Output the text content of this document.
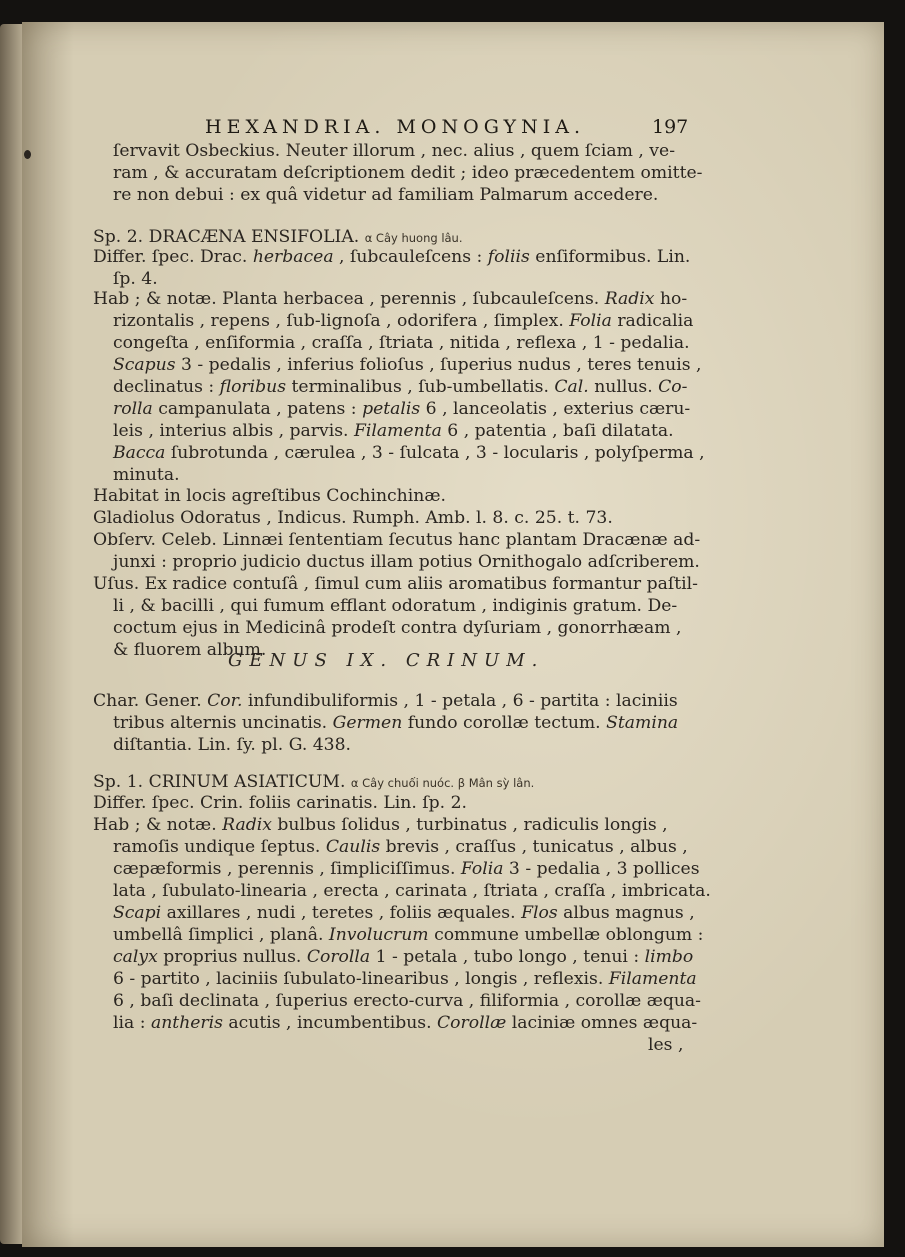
HEXANDRIA. MONOGYNIA.	197
ſervavit Osbeckius. Neuter illorum , nec. alius , quem ſciam , ve-
ram , & accuratam deſcriptionem dedit ; ideo præcedentem omitte-
re non debui : ex quâ videtur ad familiam Palmarum accedere.
Sp. 2. DRACÆNA ENSIFOLIA. α Cây huong lâu.
Differ. ſpec. Drac. herbacea , ſubcauleſcens : foliis enſiformibus. Lin.
ſp. 4.
Hab ; & notæ. Planta herbacea , perennis , ſubcauleſcens. Radix ho-
rizontalis , repens , ſub-lignoſa , odorifera , ſimplex. Folia radicalia
congeſta , enſiformia , craſſa , ſtriata , nitida , reflexa , 1 - pedalia.
Scapus 3 - pedalis , inferius folioſus , ſuperius nudus , teres tenuis ,
declinatus : floribus terminalibus , ſub-umbellatis. Cal. nullus. Co-
rolla campanulata , patens : petalis 6 , lanceolatis , exterius cæru-
leis , interius albis , parvis. Filamenta 6 , patentia , baſi dilatata.
Bacca ſubrotunda , cærulea , 3 - ſulcata , 3 - locularis , polyſperma ,
minuta.
Habitat in locis agreſtibus Cochinchinæ.
Gladiolus Odoratus , Indicus. Rumph. Amb. l. 8. c. 25. t. 73.
Obſerv. Celeb. Linnæi ſententiam ſecutus hanc plantam Dracænæ ad-
junxi : proprio judicio ductus illam potius Ornithogalo adſcriberem.
Uſus. Ex radice contuſâ , ſimul cum aliis aromatibus formantur paſtil-
li , & bacilli , qui fumum efflant odoratum , indiginis gratum. De-
coctum ejus in Medicinâ prodeſt contra dyſuriam , gonorrhæam ,
& fluorem album.
GENUS IX. CRINUM.
Char. Gener. Cor. infundibuliformis , 1 - petala , 6 - partita : laciniis
tribus alternis uncinatis. Germen fundo corollæ tectum. Stamina
diſtantia. Lin. ſy. pl. G. 438.
Sp. 1. CRINUM ASIATICUM. α Cây chuối nuóc. β Mân sỳ lân.
Differ. ſpec. Crin. foliis carinatis. Lin. ſp. 2.
Hab ; & notæ. Radix bulbus ſolidus , turbinatus , radiculis longis ,
ramoſis undique ſeptus. Caulis brevis , craſſus , tunicatus , albus ,
cæpæformis , perennis , ſimpliciſſimus. Folia 3 - pedalia , 3 pollices
lata , ſubulato-linearia , erecta , carinata , ſtriata , craſſa , imbricata.
Scapi axillares , nudi , teretes , foliis æquales. Flos albus magnus ,
umbellâ ſimplici , planâ. Involucrum commune umbellæ oblongum :
calyx proprius nullus. Corolla 1 - petala , tubo longo , tenui : limbo
6 - partito , laciniis ſubulato-linearibus , longis , reflexis. Filamenta
6 , baſi declinata , ſuperius erecto-curva , filiformia , corollæ æqua-
lia : antheris acutis , incumbentibus. Corollæ laciniæ omnes æqua-
les ,
